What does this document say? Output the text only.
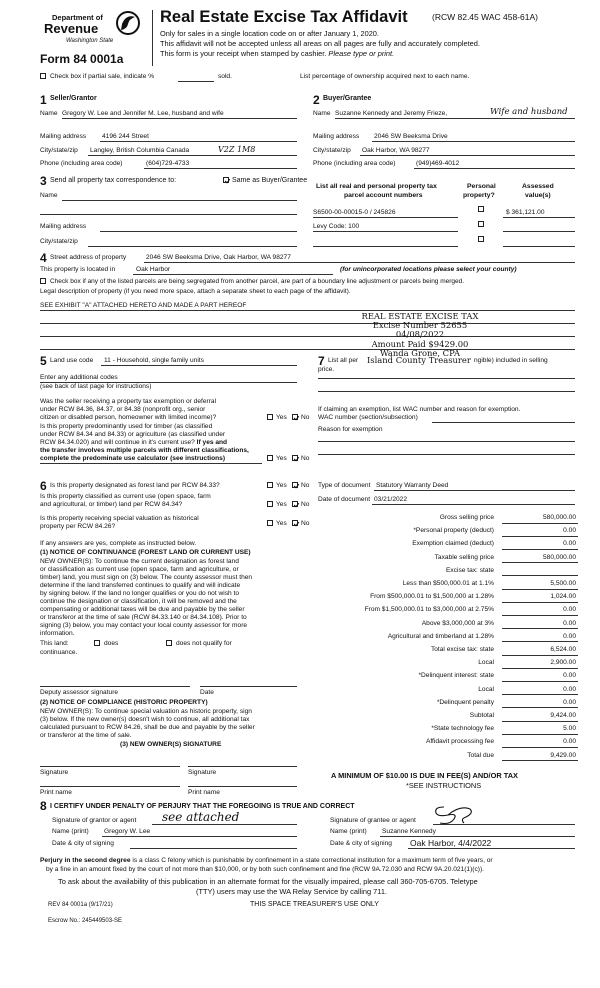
Department of
Revenue
Washington State
Form 84 0001a
Real Estate Excise Tax Affidavit	(RCW 82.45 WAC 458-61A)
Only for sales in a single location code on or after January 1, 2020.
This affidavit will not be accepted unless all areas on all pages are fully and accurately completed.
This form is your receipt when stamped by cashier. Please type or print.
Check box if partial sale, indicate %	sold.	List percentage of ownership acquired next to each name.
1 Seller/Grantor
Name Gregory W. Lee and Jennifer M. Lee, husband and wife
Mailing address 4196 244 Street
City/state/zip Langley, British Columbia Canada	V2Z 1M8
Phone (including area code)	(604)729-4733
2 Buyer/Grantee
Name Suzanne Kennedy and Jeremy Frieze,	Wife and husband
Mailing address 2046 SW Beeksma Drive
City/state/zip Oak Harbor, WA 98277
Phone (including area code)	(949)469-4012
3 Send all property tax correspondence to:	Same as Buyer/Grantee
Name
Mailing address
City/state/zip
List all real and personal property tax
parcel account numbers
Personal
property?
Assessed
value(s)
S6500-00-00015-0 / 245826	$ 361,121.00
Levy Code: 100
4 Street address of property	2046 SW Beeksma Drive, Oak Harbor, WA 98277
This property is located in	Oak Harbor	(for unincorporated locations please select your county)
Check box if any of the listed parcels are being segregated from another parcel, are part of a boundary line adjustment or parcels being merged.
Legal description of property (if you need more space, attach a separate sheet to each page of the affidavit).
SEE EXHIBIT "A" ATTACHED HERETO AND MADE A PART HEREOF
REAL ESTATE EXCISE TAX
Excise Number 52655
04/08/2022
Amount Paid $9429.00
Wanda Grone, CPA
5 Land use code 11 - Household, single family units
Enter any additional codes
(see back of last page for instructions)
Was the seller receiving a property tax exemption or deferral
under RCW 84.36, 84.37, or 84.38 (nonprofit org., senior
citizen or disabled person, homeowner with limited income)?	Yes No
Is this property predominantly used for timber (as classified
under RCW 84.34 and 84.33) or agriculture (as classified under
RCW 84.34.020) and will continue in it's current use? If yes and
the transfer involves multiple parcels with different classifications,
complete the predominate use calculator (see instructions)	Yes No
7 List all per Island County Treasurer ngible) included in selling
price.
If claiming an exemption, list WAC number and reason for exemption.
WAC number (section/subsection)
Reason for exemption
6 Is this property designated as forest land per RCW 84.33?	Yes No
Is this property classified as current use (open space, farm
and agricultural, or timber) land per RCW 84.34?	Yes No
Is this property receiving special valuation as historical
property per RCW 84.26?	Yes No
If any answers are yes, complete as instructed below.
(1) NOTICE OF CONTINUANCE (FOREST LAND OR CURRENT USE)
NEW OWNER(S): To continue the current designation as forest land
or classification as current use (open space, farm and agriculture, or
timber) land, you must sign on (3) below. The county assessor must then
determine if the land transferred continues to qualify and will indicate
by signing below. If the land no longer qualifies or you do not wish to
continue the designation or classification, it will be removed and the
compensating or additional taxes will be due and payable by the seller
or transferor at the time of sale (RCW 84.33.140 or 84.34.108). Prior to
signing (3) below, you may contact your local county assessor for more
information.
This land:	does	does not qualify for
continuance.
Deputy assessor signature	Date
(2) NOTICE OF COMPLIANCE (HISTORIC PROPERTY)
NEW OWNER(S): To continue special valuation as historic property, sign
(3) below. If the new owner(s) doesn't wish to continue, all additional tax
calculated pursuant to RCW 84.26, shall be due and payable by the seller
or transferor at the time of sale.
(3) NEW OWNER(S) SIGNATURE
Signature	Signature
Print name	Print name
Type of document Statutory Warranty Deed
Date of document 03/21/2022
Gross selling price	580,000.00
*Personal property (deduct)	0.00
Exemption claimed (deduct)	0.00
Taxable selling price	580,000.00
Excise tax: state
Less than $500,000.01 at 1.1%	5,500.00
From $500,000.01 to $1,500,000 at 1.28%	1,024.00
From $1,500,000.01 to $3,000,000 at 2.75%	0.00
Above $3,000,000 at 3%	0.00
Agricultural and timberland at 1.28%	0.00
Total excise tax: state	6,524.00
Local	2,900.00
*Delinquent interest: state	0.00
Local	0.00
*Delinquent penalty	0.00
Subtotal	9,424.00
*State technology fee	5.00
Affidavit processing fee	0.00
Total due	9,429.00
A MINIMUM OF $10.00 IS DUE IN FEE(S) AND/OR TAX
*SEE INSTRUCTIONS
8 I CERTIFY UNDER PENALTY OF PERJURY THAT THE FOREGOING IS TRUE AND CORRECT
Signature of grantor or agent see attached
Name (print) Gregory W. Lee
Date & city of signing
Signature of grantee or agent
Name (print) Suzanne Kennedy
Date & city of signing Oak Harbor, 4/4/2022
Perjury in the second degree is a class C felony which is punishable by confinement in a state correctional institution for a maximum term of five years, or
by a fine in an amount fixed by the court of not more than $10,000, or by both such confinement and fine (RCW 9A.72.030 and RCW 9A.20.021(1)(c)).
To ask about the availability of this publication in an alternate format for the visually impaired, please call 360-705-6705. Teletype
(TTY) users may use the WA Relay Service by calling 711.
REV 84 0001a (9/17/21)	THIS SPACE TREASURER'S USE ONLY
Escrow No.: 245449503-SE
